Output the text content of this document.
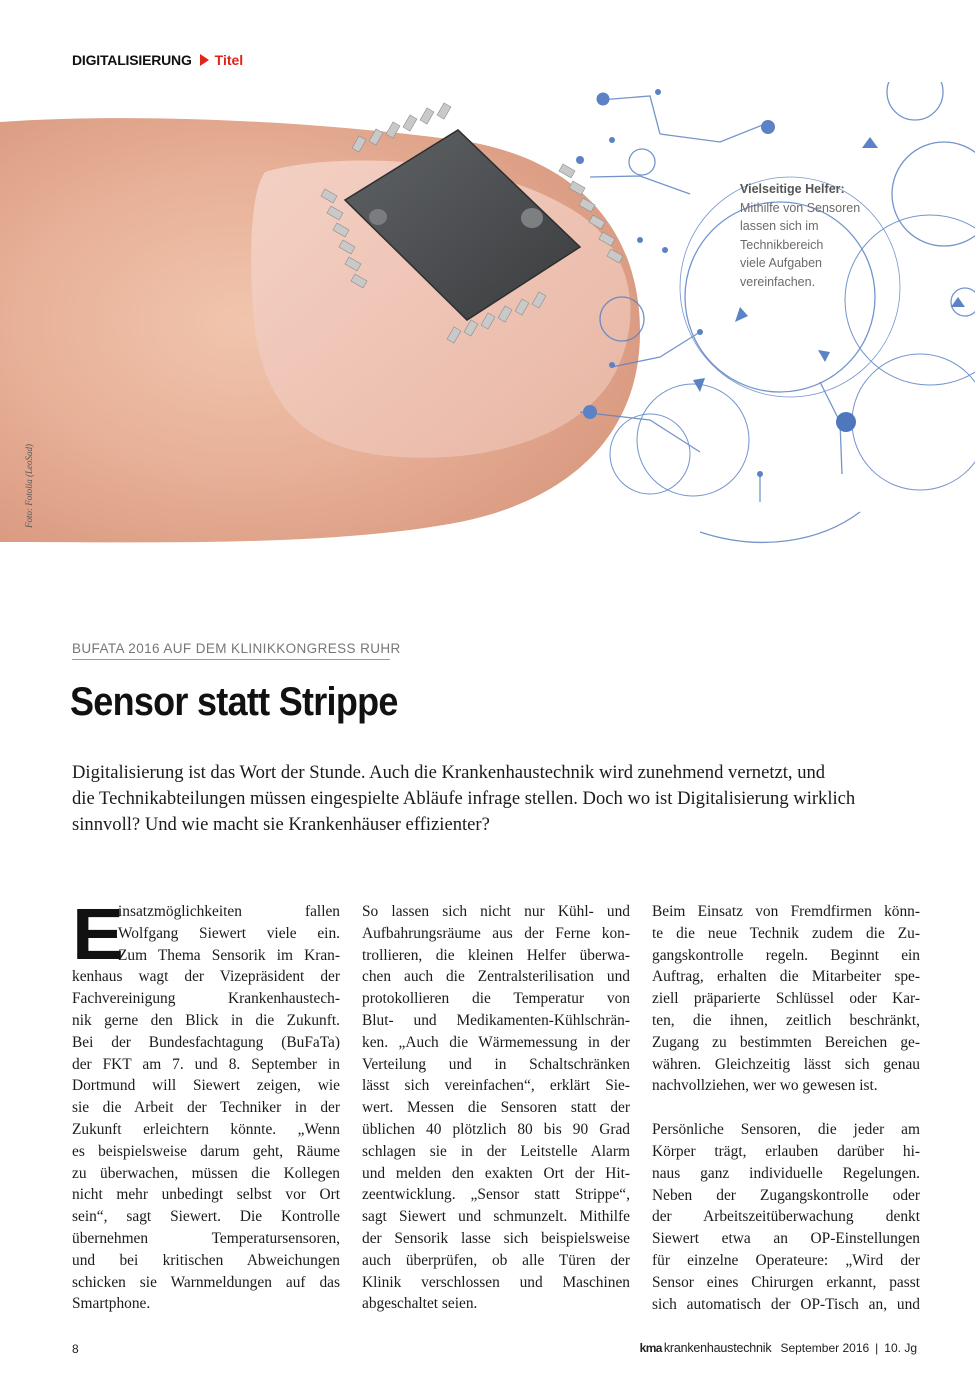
DIGITALISIERUNG Titel
Foto: Fotolia (LeoSad)
Vielseitige Helfer:
Mithilfe von Sensoren
lassen sich im
Technikbereich
viele Aufgaben
vereinfachen.
BUFATA 2016 AUF DEM KLINIKKONGRESS RUHR
Sensor statt Strippe
Digitalisierung ist das Wort der Stunde. Auch die Krankenhaustechnik wird zunehmend vernetzt, und
die Technikabteilungen müssen eingespielte Abläufe infrage stellen. Doch wo ist Digitalisierung wirklich
sinnvoll? Und wie macht sie Krankenhäuser effizienter?
E
insatzmöglichkeiten fallen
Wolfgang Siewert viele ein.
Zum Thema Sensorik im Kran-
kenhaus wagt der Vizepräsident der
Fachvereinigung Krankenhaustech-
nik gerne den Blick in die Zukunft.
Bei der Bundesfachtagung (BuFaTa)
der FKT am 7. und 8. September in
Dortmund will Siewert zeigen, wie
sie die Arbeit der Techniker in der
Zukunft erleichtern könnte. „Wenn
es beispielsweise darum geht, Räume
zu überwachen, müssen die Kollegen
nicht mehr unbedingt selbst vor Ort
sein“, sagt Siewert. Die Kontrolle
übernehmen Temperatursensoren,
und bei kritischen Abweichungen
schicken sie Warnmeldungen auf das
Smartphone.
So lassen sich nicht nur Kühl- und
Aufbahrungsräume aus der Ferne kon-
trollieren, die kleinen Helfer überwa-
chen auch die Zentralsterilisation und
protokollieren die Temperatur von
Blut- und Medikamenten-Kühlschrän-
ken. „Auch die Wärmemessung in der
Verteilung und in Schaltschränken
lässt sich vereinfachen“, erklärt Sie-
wert. Messen die Sensoren statt der
üblichen 40 plötzlich 80 bis 90 Grad
schlagen sie in der Leitstelle Alarm
und melden den exakten Ort der Hit-
zeentwicklung. „Sensor statt Strippe“,
sagt Siewert und schmunzelt. Mithilfe
der Sensorik lasse sich beispielsweise
auch überprüfen, ob alle Türen der
Klinik verschlossen und Maschinen
abgeschaltet seien.
Beim Einsatz von Fremdfirmen könn-
te die neue Technik zudem die Zu-
gangskontrolle regeln. Beginnt ein
Auftrag, erhalten die Mitarbeiter spe-
ziell präparierte Schlüssel oder Kar-
ten, die ihnen, zeitlich beschränkt,
Zugang zu bestimmten Bereichen ge-
währen. Gleichzeitig lässt sich genau
nachvollziehen, wer wo gewesen ist.
Persönliche Sensoren, die jeder am
Körper trägt, erlauben darüber hi-
naus ganz individuelle Regelungen.
Neben der Zugangskontrolle oder
der Arbeitszeitüberwachung denkt
Siewert etwa an OP-Einstellungen
für einzelne Operateure: „Wird der
Sensor eines Chirurgen erkannt, passt
sich automatisch der OP-Tisch an, und
8	kma krankenhaustechnik September 2016 | 10. Jg
